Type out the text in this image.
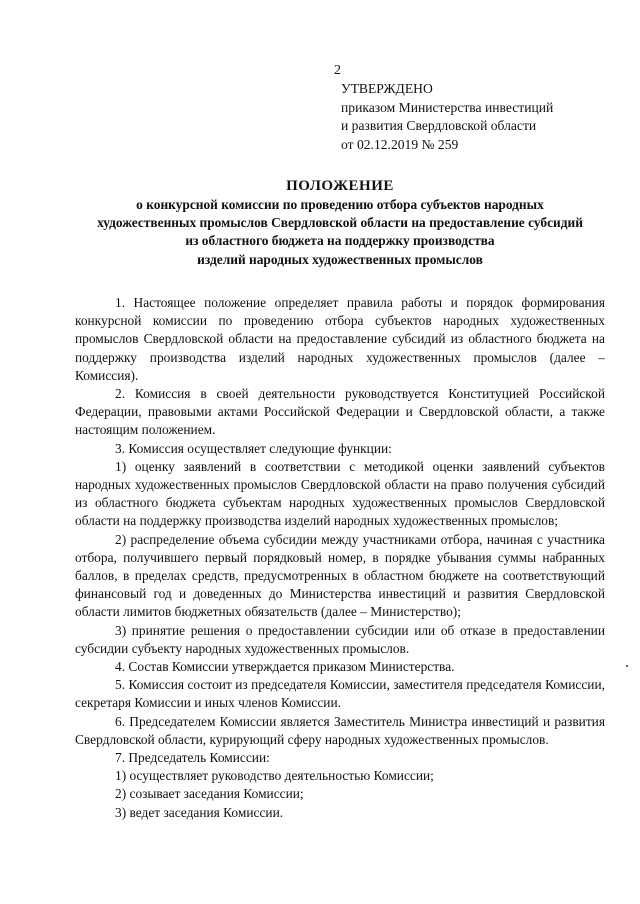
2
УТВЕРЖДЕНО
приказом Министерства инвестиций
и развития Свердловской области
от 02.12.2019 № 259
ПОЛОЖЕНИЕ
о конкурсной комиссии по проведению отбора субъектов народных
художественных промыслов Свердловской области на предоставление субсидий
из областного бюджета на поддержку производства
изделий народных художественных промыслов

1. Настоящее положение определяет правила работы и порядок формирования конкурсной комиссии по проведению отбора субъектов народных художественных промыслов Свердловской области на предоставление субсидий из областного бюджета на поддержку производства изделий народных художественных промыслов (далее – Комиссия).

2. Комиссия в своей деятельности руководствуется Конституцией Российской Федерации, правовыми актами Российской Федерации и Свердловской области, а также настоящим положением.

3. Комиссия осуществляет следующие функции:

1) оценку заявлений в соответствии с методикой оценки заявлений субъектов народных художественных промыслов Свердловской области на право получения субсидий из областного бюджета субъектам народных художественных промыслов Свердловской области на поддержку производства изделий народных художественных промыслов;

2) распределение объема субсидии между участниками отбора, начиная с участника отбора, получившего первый порядковый номер, в порядке убывания суммы набранных баллов, в пределах средств, предусмотренных в областном бюджете на соответствующий финансовый год и доведенных до Министерства инвестиций и развития Свердловской области лимитов бюджетных обязательств (далее – Министерство);

3) принятие решения о предоставлении субсидии или об отказе в предоставлении субсидии субъекту народных художественных промыслов.

4. Состав Комиссии утверждается приказом Министерства.

5. Комиссия состоит из председателя Комиссии, заместителя председателя Комиссии, секретаря Комиссии и иных членов Комиссии.

6. Председателем Комиссии является Заместитель Министра инвестиций и развития Свердловской области, курирующий сферу народных художественных промыслов.

7. Председатель Комиссии:

1) осуществляет руководство деятельностью Комиссии;

2) созывает заседания Комиссии;

3) ведет заседания Комиссии.
